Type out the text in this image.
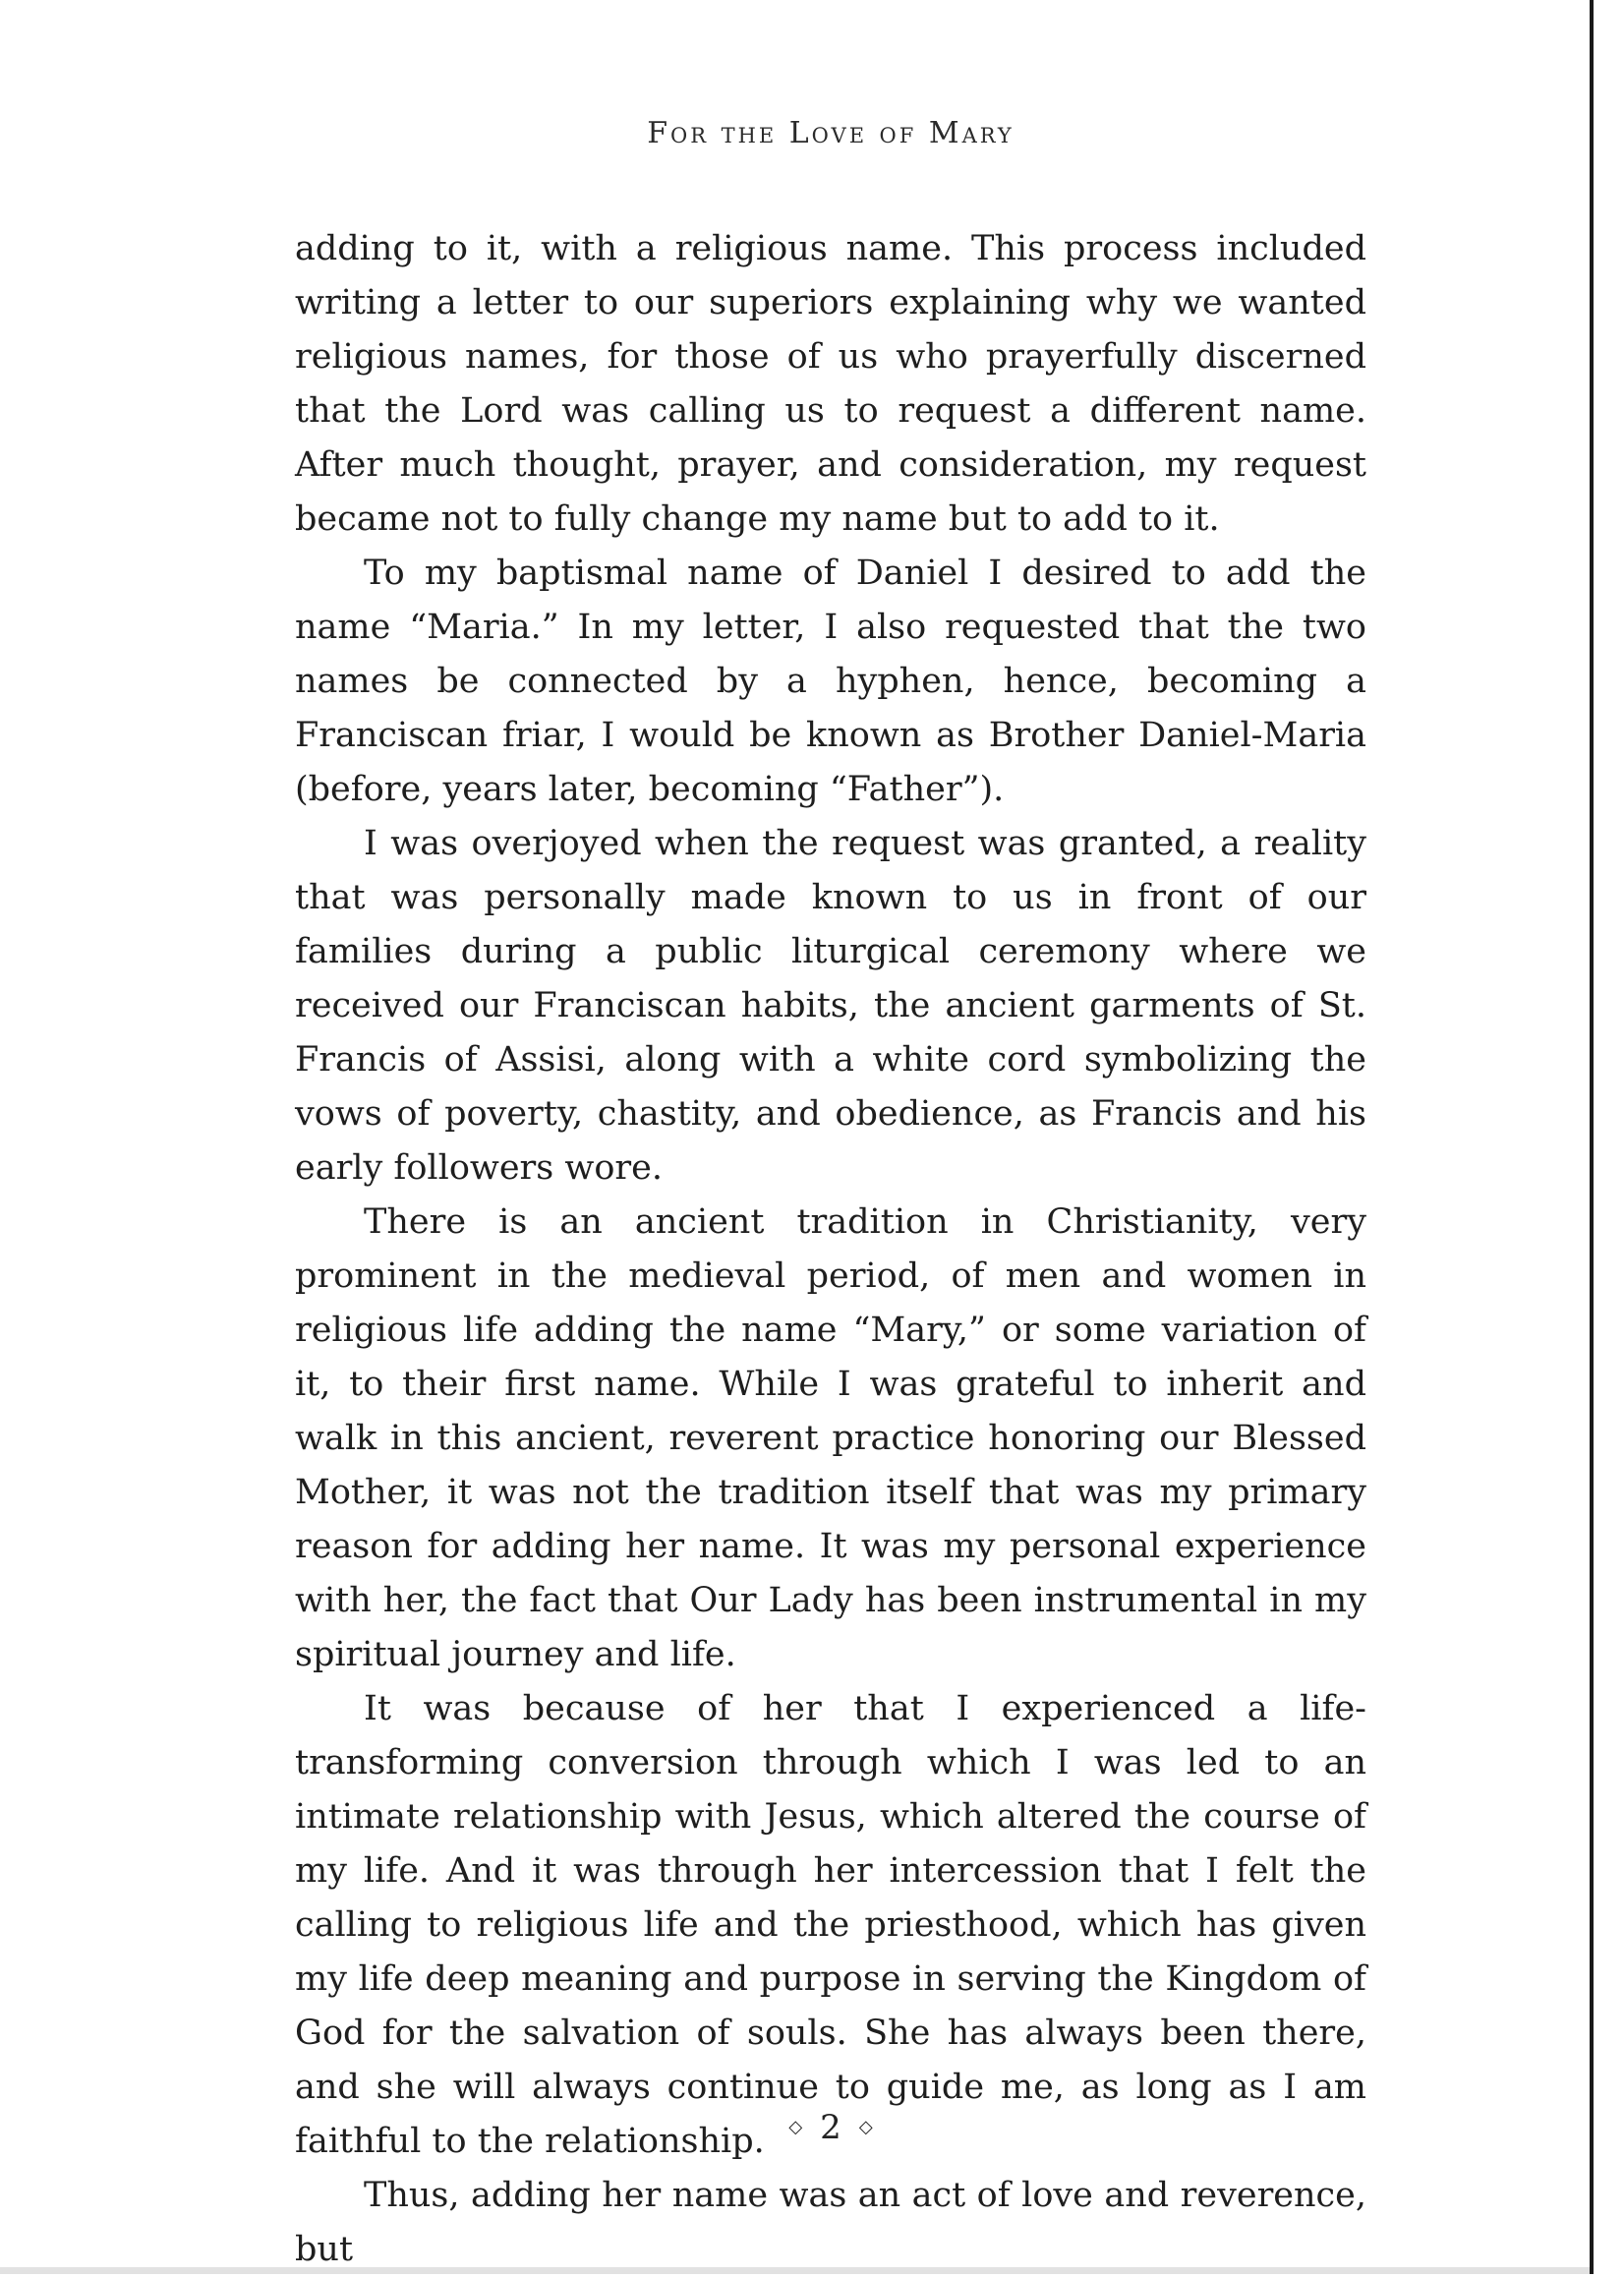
For the Love of Mary

adding to it, with a religious name. This process included writing a letter to our superiors explaining why we wanted religious names, for those of us who prayerfully discerned that the Lord was calling us to request a different name. After much thought, prayer, and consideration, my request became not to fully change my name but to add to it.

To my baptismal name of Daniel I desired to add the name “Maria.” In my letter, I also requested that the two names be connected by a hyphen, hence, becoming a Franciscan friar, I would be known as Brother Daniel-Maria (before, years later, becoming “Father”).

I was overjoyed when the request was granted, a reality that was personally made known to us in front of our families during a public liturgical ceremony where we received our Franciscan habits, the ancient garments of St. Francis of Assisi, along with a white cord symbolizing the vows of poverty, chastity, and obedience, as Francis and his early followers wore.

There is an ancient tradition in Christianity, very prominent in the medieval period, of men and women in religious life adding the name “Mary,” or some variation of it, to their first name. While I was grateful to inherit and walk in this ancient, reverent practice honoring our Blessed Mother, it was not the tradition itself that was my primary reason for adding her name. It was my personal experience with her, the fact that Our Lady has been instrumental in my spiritual journey and life.

It was because of her that I experienced a life-transforming conversion through which I was led to an intimate relationship with Jesus, which altered the course of my life. And it was through her intercession that I felt the calling to religious life and the priesthood, which has given my life deep meaning and purpose in serving the Kingdom of God for the salvation of souls. She has always been there, and she will always continue to guide me, as long as I am faithful to the relationship.

Thus, adding her name was an act of love and reverence, but

◇ 2 ◇
